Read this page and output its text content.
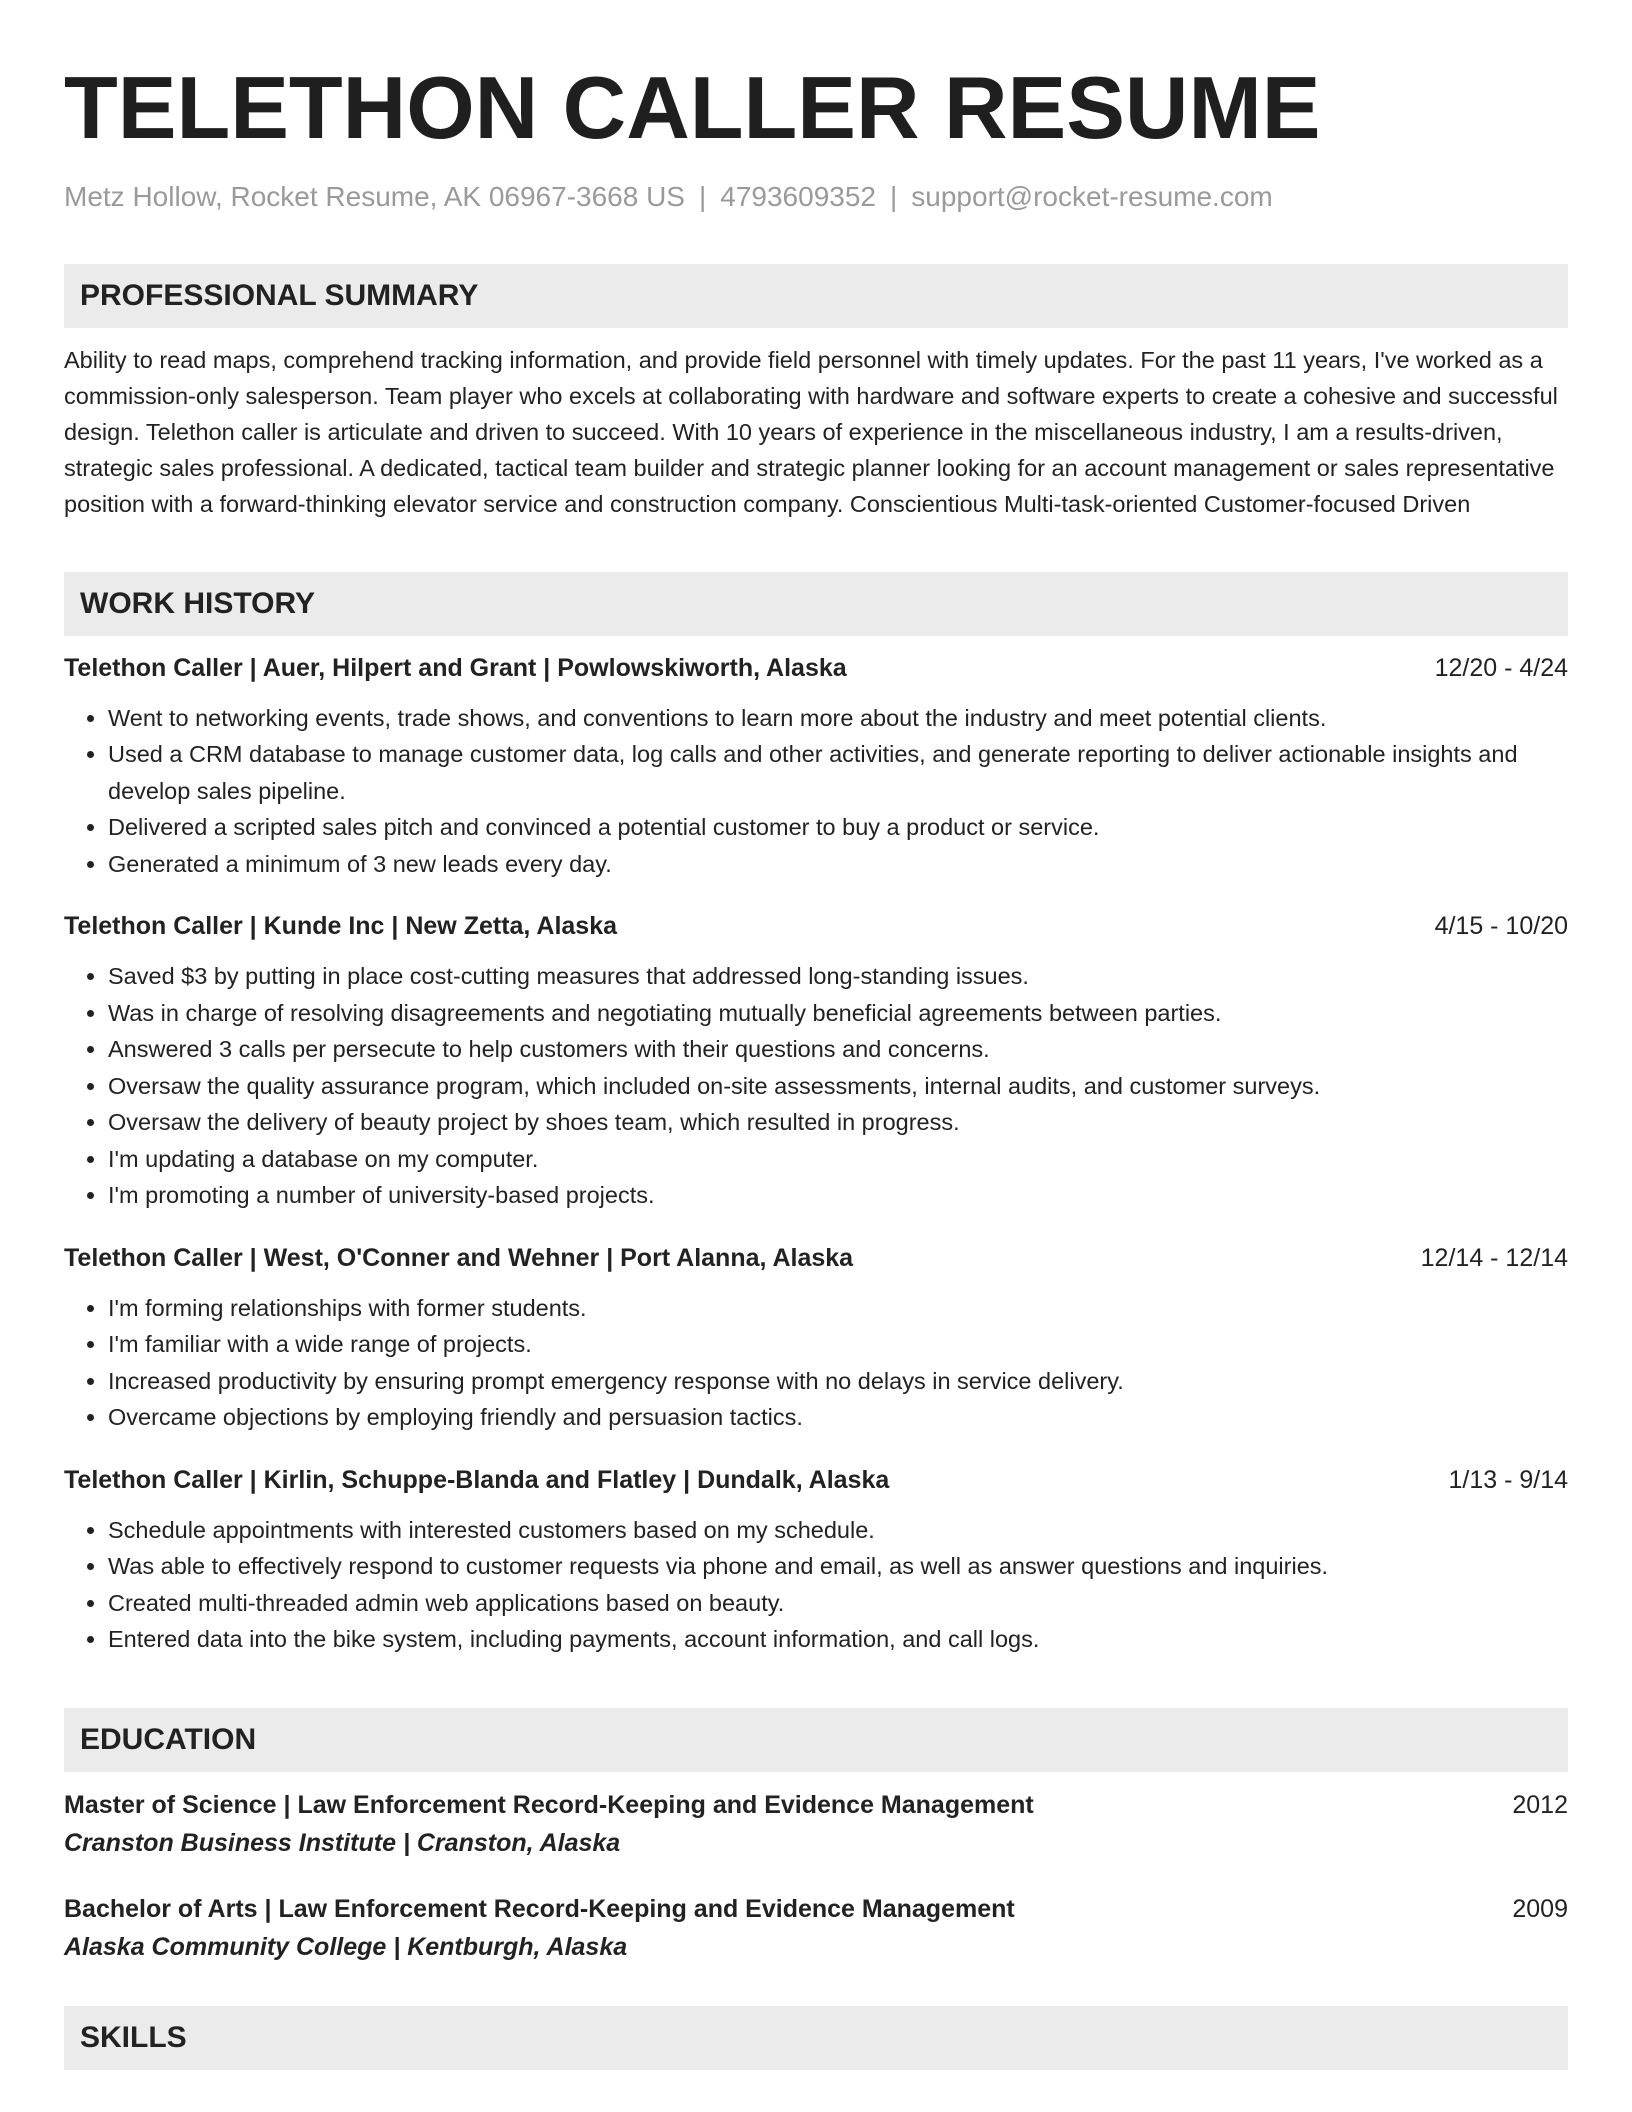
TELETHON CALLER RESUME
Metz Hollow, Rocket Resume, AK 06967-3668 US | 4793609352 | support@rocket-resume.com
PROFESSIONAL SUMMARY
Ability to read maps, comprehend tracking information, and provide field personnel with timely updates. For the past 11 years, I've worked as a commission-only salesperson. Team player who excels at collaborating with hardware and software experts to create a cohesive and successful design. Telethon caller is articulate and driven to succeed. With 10 years of experience in the miscellaneous industry, I am a results-driven, strategic sales professional. A dedicated, tactical team builder and strategic planner looking for an account management or sales representative position with a forward-thinking elevator service and construction company. Conscientious Multi-task-oriented Customer-focused Driven
WORK HISTORY
Telethon Caller | Auer, Hilpert and Grant | Powlowskiworth, Alaska	12/20 - 4/24
• Went to networking events, trade shows, and conventions to learn more about the industry and meet potential clients.
• Used a CRM database to manage customer data, log calls and other activities, and generate reporting to deliver actionable insights and develop sales pipeline.
• Delivered a scripted sales pitch and convinced a potential customer to buy a product or service.
• Generated a minimum of 3 new leads every day.
Telethon Caller | Kunde Inc | New Zetta, Alaska	4/15 - 10/20
• Saved $3 by putting in place cost-cutting measures that addressed long-standing issues.
• Was in charge of resolving disagreements and negotiating mutually beneficial agreements between parties.
• Answered 3 calls per persecute to help customers with their questions and concerns.
• Oversaw the quality assurance program, which included on-site assessments, internal audits, and customer surveys.
• Oversaw the delivery of beauty project by shoes team, which resulted in progress.
• I'm updating a database on my computer.
• I'm promoting a number of university-based projects.
Telethon Caller | West, O'Conner and Wehner | Port Alanna, Alaska	12/14 - 12/14
• I'm forming relationships with former students.
• I'm familiar with a wide range of projects.
• Increased productivity by ensuring prompt emergency response with no delays in service delivery.
• Overcame objections by employing friendly and persuasion tactics.
Telethon Caller | Kirlin, Schuppe-Blanda and Flatley | Dundalk, Alaska	1/13 - 9/14
• Schedule appointments with interested customers based on my schedule.
• Was able to effectively respond to customer requests via phone and email, as well as answer questions and inquiries.
• Created multi-threaded admin web applications based on beauty.
• Entered data into the bike system, including payments, account information, and call logs.
EDUCATION
Master of Science | Law Enforcement Record-Keeping and Evidence Management	2012
Cranston Business Institute | Cranston, Alaska
Bachelor of Arts | Law Enforcement Record-Keeping and Evidence Management	2009
Alaska Community College | Kentburgh, Alaska
SKILLS
